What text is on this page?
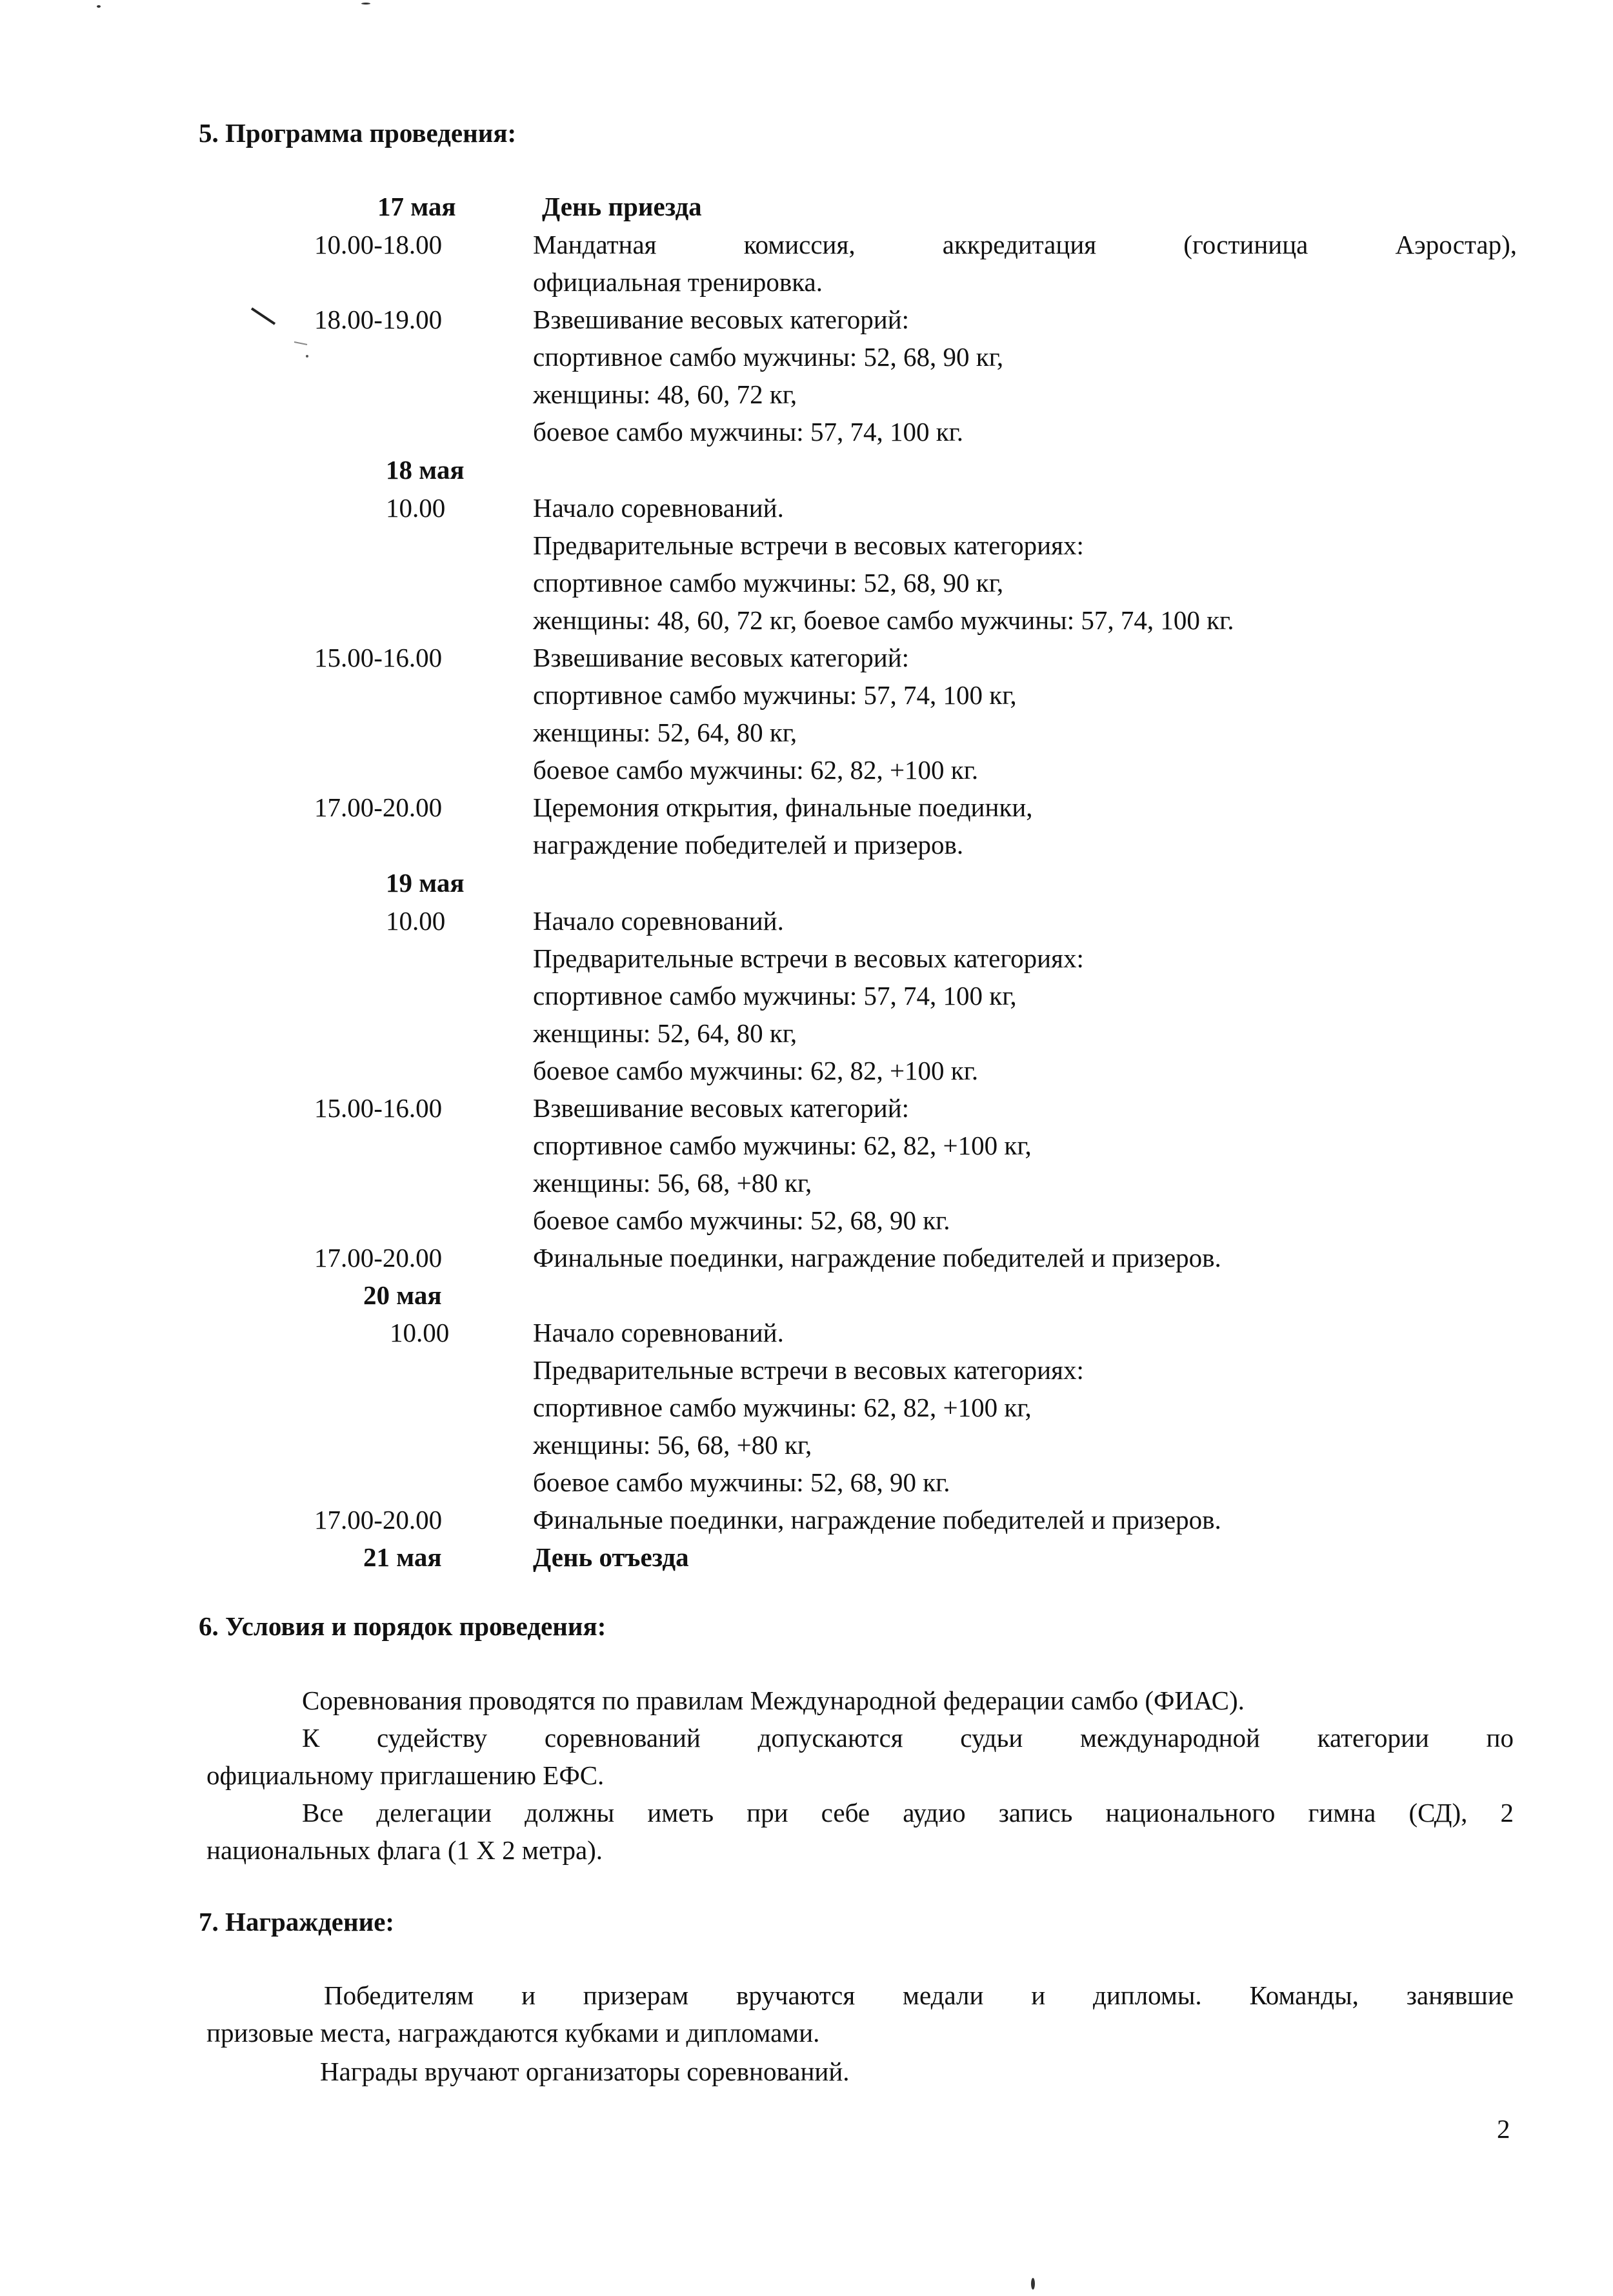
5. Программа проведения:
17 мая	День приезда
10.00-18.00	Мандатная комиссия, аккредитация (гостиница Аэростар),
официальная тренировка.
18.00-19.00	Взвешивание весовых категорий:
спортивное самбо мужчины: 52, 68, 90 кг,
женщины: 48, 60, 72 кг,
боевое самбо мужчины: 57, 74, 100 кг.
18 мая
10.00	Начало соревнований.
Предварительные встречи в весовых категориях:
спортивное самбо мужчины: 52, 68, 90 кг,
женщины: 48, 60, 72 кг, боевое самбо мужчины: 57, 74, 100 кг.
15.00-16.00	Взвешивание весовых категорий:
спортивное самбо мужчины: 57, 74, 100 кг,
женщины: 52, 64, 80 кг,
боевое самбо мужчины: 62, 82, +100 кг.
17.00-20.00	Церемония открытия, финальные поединки,
награждение победителей и призеров.
19 мая
10.00	Начало соревнований.
Предварительные встречи в весовых категориях:
спортивное самбо мужчины: 57, 74, 100 кг,
женщины: 52, 64, 80 кг,
боевое самбо мужчины: 62, 82, +100 кг.
15.00-16.00	Взвешивание весовых категорий:
спортивное самбо мужчины: 62, 82, +100 кг,
женщины: 56, 68, +80 кг,
боевое самбо мужчины: 52, 68, 90 кг.
17.00-20.00	Финальные поединки, награждение победителей и призеров.
20 мая
10.00	Начало соревнований.
Предварительные встречи в весовых категориях:
спортивное самбо мужчины: 62, 82, +100 кг,
женщины: 56, 68, +80 кг,
боевое самбо мужчины: 52, 68, 90 кг.
17.00-20.00	Финальные поединки, награждение победителей и призеров.
21 мая	День отъезда
6. Условия и порядок проведения:
Соревнования проводятся по правилам Международной федерации самбо (ФИАС).
К судейству соревнований допускаются судьи международной категории по
официальному приглашению ЕФС.
Все делегации должны иметь при себе аудио запись национального гимна (СД), 2
национальных флага (1 Х 2 метра).
7. Награждение:
Победителям и призерам вручаются медали и дипломы. Команды, занявшие
призовые места, награждаются кубками и дипломами.
Награды вручают организаторы соревнований.
2
